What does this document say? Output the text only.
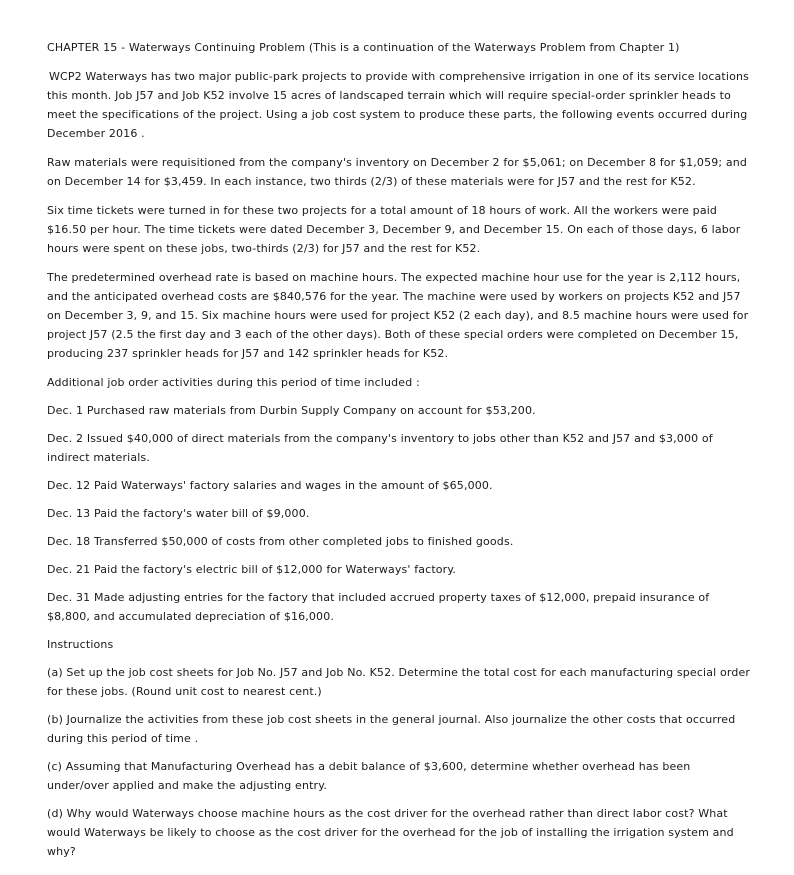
CHAPTER 15 - Waterways Continuing Problem (This is a continuation of the Waterways Problem from Chapter 1)

WCP2 Waterways has two major public-park projects to provide with comprehensive irrigation in one of its service locations this month. Job J57 and Job K52 involve 15 acres of landscaped terrain which will require special-order sprinkler heads to meet the specifications of the project. Using a job cost system to produce these parts, the following events occurred during December 2016 .

Raw materials were requisitioned from the company's inventory on December 2 for $5,061; on December 8 for $1,059; and on December 14 for $3,459. In each instance, two thirds (2/3) of these materials were for J57 and the rest for K52.

Six time tickets were turned in for these two projects for a total amount of 18 hours of work. All the workers were paid $16.50 per hour. The time tickets were dated December 3, December 9, and December 15. On each of those days, 6 labor hours were spent on these jobs, two-thirds (2/3) for J57 and the rest for K52.

The predetermined overhead rate is based on machine hours. The expected machine hour use for the year is 2,112 hours, and the anticipated overhead costs are $840,576 for the year. The machine were used by workers on projects K52 and J57 on December 3, 9, and 15. Six machine hours were used for project K52 (2 each day), and 8.5 machine hours were used for project J57 (2.5 the first day and 3 each of the other days). Both of these special orders were completed on December 15, producing 237 sprinkler heads for J57 and 142 sprinkler heads for K52.

Additional job order activities during this period of time included :

Dec. 1 Purchased raw materials from Durbin Supply Company on account for $53,200.

Dec. 2 Issued $40,000 of direct materials from the company's inventory to jobs other than K52 and J57 and $3,000 of indirect materials.

Dec. 12 Paid Waterways' factory salaries and wages in the amount of $65,000.

Dec. 13 Paid the factory's water bill of $9,000.

Dec. 18 Transferred $50,000 of costs from other completed jobs to finished goods.

Dec. 21 Paid the factory's electric bill of $12,000 for Waterways' factory.

Dec. 31 Made adjusting entries for the factory that included accrued property taxes of $12,000, prepaid insurance of $8,800, and accumulated depreciation of $16,000.

Instructions

(a) Set up the job cost sheets for Job No. J57 and Job No. K52. Determine the total cost for each manufacturing special order for these jobs. (Round unit cost to nearest cent.)

(b) Journalize the activities from these job cost sheets in the general journal. Also journalize the other costs that occurred during this period of time .

(c) Assuming that Manufacturing Overhead has a debit balance of $3,600, determine whether overhead has been under/over applied and make the adjusting entry.

(d) Why would Waterways choose machine hours as the cost driver for the overhead rather than direct labor cost? What would Waterways be likely to choose as the cost driver for the overhead for the job of installing the irrigation system and why?
